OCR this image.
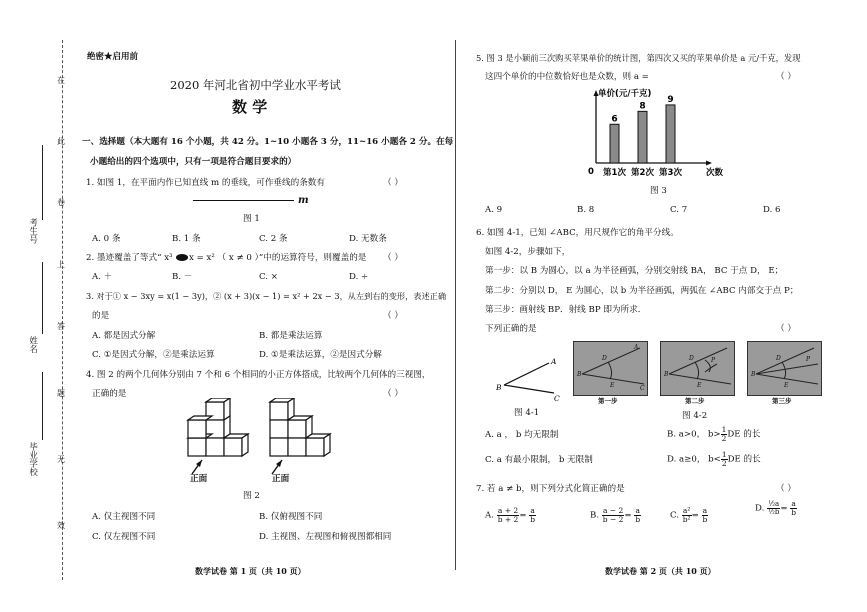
在
此
卷
上
答
题
无
效
考生号
姓名
毕业学校
绝密★启用前
2020 年河北省初中学业水平考试
数 学
一、选择题（本大题有 16 个小题，共 42 分。1~10 小题各 3 分，11~16 小题各 2 分。在每
小题给出的四个选项中，只有一项是符合题目要求的）
1. 如图 1，在平面内作已知直线 m 的垂线，可作垂线的条数有	（ ）
m
图 1
A. 0 条	B. 1 条	C. 2 条	D. 无数条
2. 墨迹覆盖了等式“ x³ x = x² （ x ≠ 0 ）”中的运算符号，则覆盖的是 （ ）
A. ＋	B. －	C. ×	D. ÷
3. 对于① x − 3xy = x(1 − 3y)，② (x + 3)(x − 1) = x² + 2x − 3，从左到右的变形，表述正确
的是	（ ）
A. 都是因式分解	B. 都是乘法运算
C. ①是因式分解，②是乘法运算	D. ①是乘法运算，②是因式分解
4. 图 2 的两个几何体分别由 7 个和 6 个相同的小正方体搭成，比较两个几何体的三视图，
正确的是	（ ）
正面	正面
图 2
A. 仅主视图不同	B. 仅俯视图不同
C. 仅左视图不同	D. 主视图、左视图和俯视图都相同
数学试卷 第 1 页（共 10 页）
5. 图 3 是小颖前三次购买苹果单价的统计图，第四次又买的苹果单价是 a 元/千克，发现
这四个单价的中位数恰好也是众数，则 a =	（ ）
单价(元/千克)
0	次数
6
第1次
8
第2次
9
第3次
图 3
A. 9	B. 8	C. 7	D. 6
6. 如图 4-1，已知 ∠ABC，用尺规作它的角平分线。
如图 4-2，步骤如下，
第一步：以 B 为圆心，以 a 为半径画弧，分别交射线 BA， BC 于点 D， E；
第二步：分别以 D， E 为圆心，以 b 为半径画弧，两弧在 ∠ABC 内部交于点 P；
第三步：画射线 BP．射线 BP 即为所求．
下列正确的是	（ ）
A
B
C
图 4-1
D
E
B
A
C
第一步
D
E
P
B
第二步
D
E
P
B
第三步
图 4-2
A. a ， b 均无限制	B. a>0， $b> \frac{1}{2}$ DE 的长
C. a 有最小限制， b 无限制	D. a≥0， $b< \frac{1}{2}$ DE 的长
7. 若 a ≠ b，则下列分式化简正确的是	（ ）
A. $\frac{a + 2}{b + 2} = \frac{a}{b}$	B. $\frac{a - 2}{b - 2} = \frac{a}{b}$	C. $\frac{\text{a²}}{\text{b²}} = \frac{a}{b}$	D. $\frac{\text{½a}}{\text{½b}} = \frac{a}{b}$
数学试卷 第 2 页（共 10 页）
